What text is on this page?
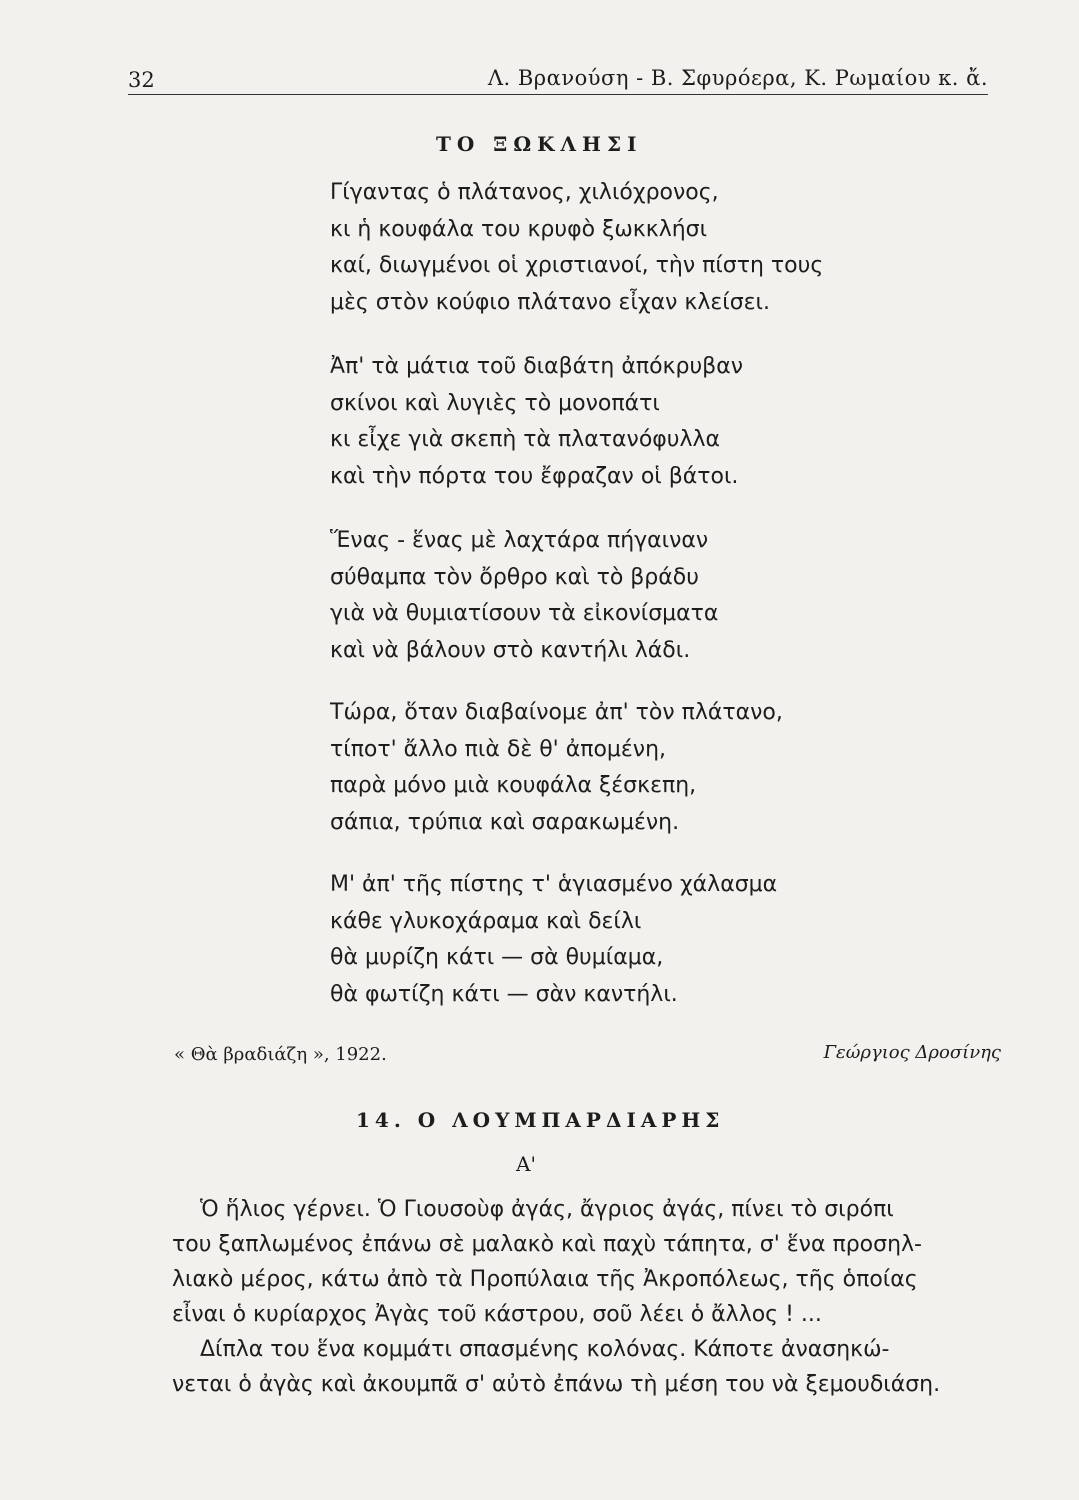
32	Λ. Βρανούση - Β. Σφυρόερα, Κ. Ρωμαίου κ. ἄ.
ΤΟ ΞΩΚΛΗΣΙ
Γίγαντας ὁ πλάτανος, χιλιόχρονος,
κι ἡ κουφάλα του κρυφὸ ξωκκλήσι
καί, διωγμένοι οἱ χριστιανοί, τὴν πίστη τους
μὲς στὸν κούφιο πλάτανο εἶχαν κλείσει.
Ἀπ' τὰ μάτια τοῦ διαβάτη ἀπόκρυβαν
σκίνοι καὶ λυγιὲς τὸ μονοπάτι
κι εἶχε γιὰ σκεπὴ τὰ πλατανόφυλλα
καὶ τὴν πόρτα του ἔφραζαν οἱ βάτοι.
Ἕνας - ἕνας μὲ λαχτάρα πήγαιναν
σύθαμπα τὸν ὄρθρο καὶ τὸ βράδυ
γιὰ νὰ θυμιατίσουν τὰ εἰκονίσματα
καὶ νὰ βάλουν στὸ καντήλι λάδι.
Τώρα, ὅταν διαβαίνομε ἀπ' τὸν πλάτανο,
τίποτ' ἄλλο πιὰ δὲ θ' ἀπομένη,
παρὰ μόνο μιὰ κουφάλα ξέσκεπη,
σάπια, τρύπια καὶ σαρακωμένη.
Μ' ἀπ' τῆς πίστης τ' ἁγιασμένο χάλασμα
κάθε γλυκοχάραμα καὶ δείλι
θὰ μυρίζη κάτι — σὰ θυμίαμα,
θὰ φωτίζη κάτι — σὰν καντήλι.
« Θὰ βραδιάζη », 1922.	Γεώργιος Δροσίνης
14. Ο ΛΟΥΜΠΑΡΔΙΑΡΗΣ
Α'
Ὁ ἥλιος γέρνει. Ὁ Γιουσοὺφ ἀγάς, ἄγριος ἀγάς, πίνει τὸ σιρόπι
του ξαπλωμένος ἐπάνω σὲ μαλακὸ καὶ παχὺ τάπητα, σ' ἕνα προσηλ-
λιακὸ μέρος, κάτω ἀπὸ τὰ Προπύλαια τῆς Ἀκροπόλεως, τῆς ὁποίας
εἶναι ὁ κυρίαρχος Ἀγὰς τοῦ κάστρου, σοῦ λέει ὁ ἄλλος ! ...
Δίπλα του ἕνα κομμάτι σπασμένης κολόνας. Κάποτε ἀνασηκώ-
νεται ὁ ἀγὰς καὶ ἀκουμπᾶ σ' αὐτὸ ἐπάνω τὴ μέση του νὰ ξεμουδιάση.
